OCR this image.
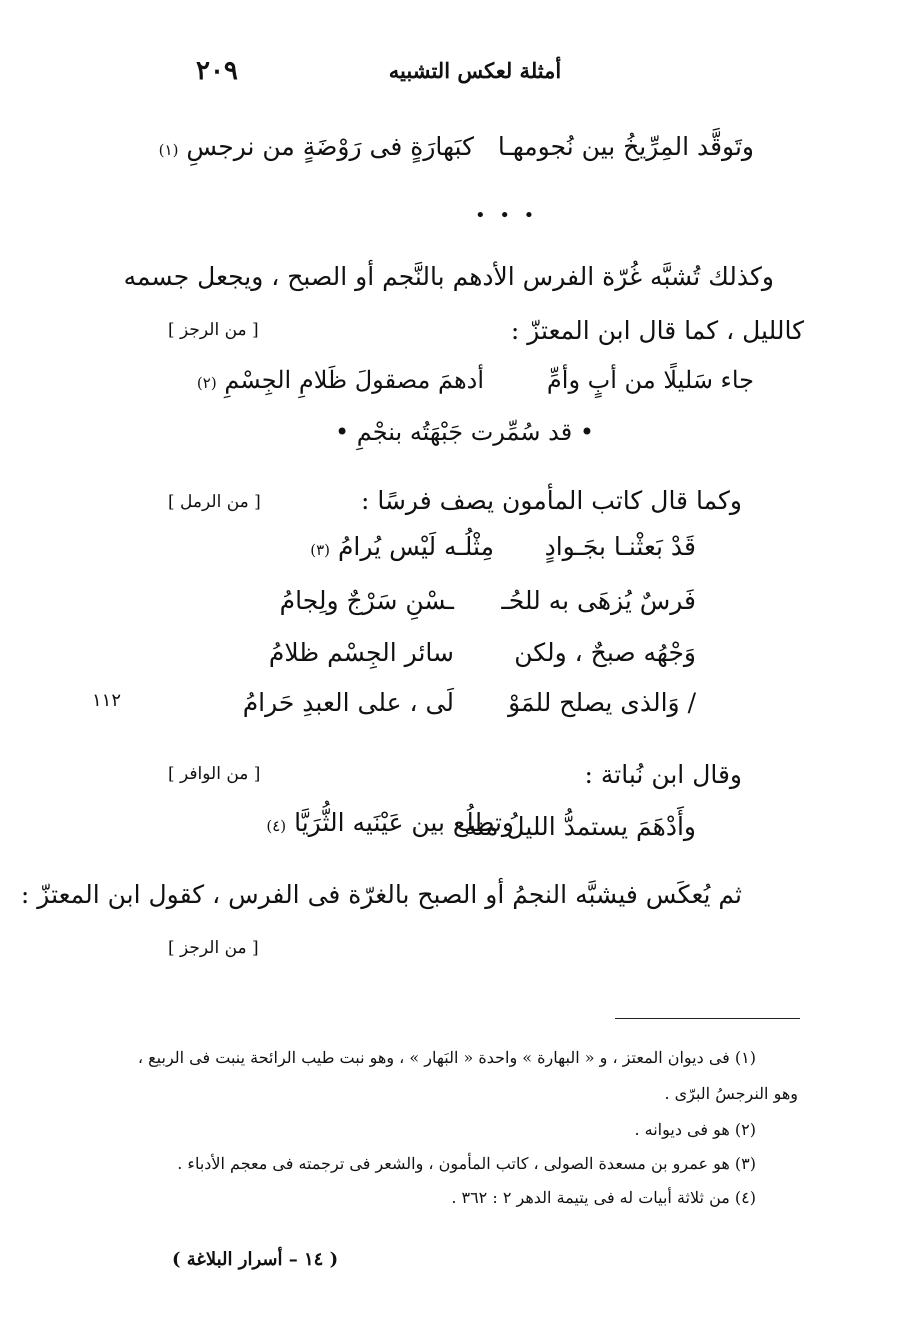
٢٠٩	أمثلة لعكس التشبيه
وتَوقَّد المِرِّيخُ بين نُجومهـا
كبَهارَةٍ فى رَوْضَةٍ من نرجسِ (١)
• • •
وكذلك تُشبَّه غُرّة الفرس الأدهم بالنَّجم أو الصبح ، ويجعل جسمه
كالليل ، كما قال ابن المعتزّ :
[ من الرجز ]
جاء سَليلًا من أبٍ وأمِّ
أدهمَ مصقولَ ظَلامِ الجِسْمِ (٢)
• قد سُمِّرت جَبْهَتُه بنجْمِ •
وكما قال كاتب المأمون يصف فرسًا :
[ من الرمل ]
قَدْ بَعثْنـا بجَـوادٍ
مِثْلُـه لَيْس يُرامُ (٣)
فَرسٌ يُزهَى به للحُـ
ـسْنِ سَرْجٌ ولِجامُ
وَجْهُه صبحٌ ، ولكن
سائر الجِسْم ظلامُ
/ وَالذى يصلح للمَوْ
لَى ، على العبدِ حَرامُ
١١٢
وقال ابن نُباتة :
[ من الوافر ]
وأَدْهَمَ يستمدُّ الليلُ منه
وتطلُع بين عَيْنَيه الثُّرَيَّا (٤)
ثم يُعكَس فيشبَّه النجمُ أو الصبح بالغرّة فى الفرس ، كقول ابن المعتزّ :
[ من الرجز ]
(١) فى ديوان المعتز ، و « البهارة » واحدة « البَهار » ، وهو نبت طيب الرائحة ينبت فى الربيع ،
وهو النرجسُ البرّى .
(٢) هو فى ديوانه .
(٣) هو عمرو بن مسعدة الصولى ، كاتب المأمون ، والشعر فى ترجمته فى معجم الأدباء .
(٤) من ثلاثة أبيات له فى يتيمة الدهر ٢ : ٣٦٢ .
( ١٤ – أسرار البلاغة )
